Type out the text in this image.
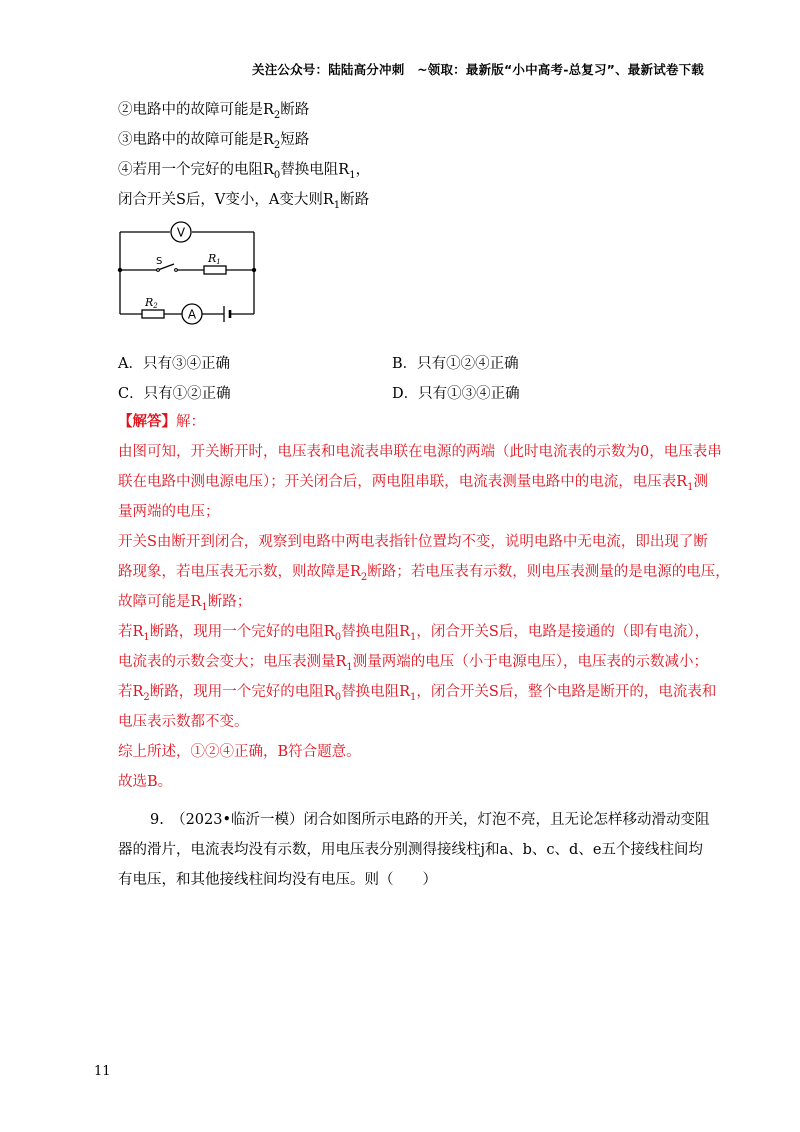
关注公众号：陆陆高分冲刺　~领取：最新版“小中高考-总复习”、最新试卷下载
②电路中的故障可能是$R_2$断路
③电路中的故障可能是$R_2$短路
④若用一个完好的电阻$R_0$替换电阻$R_1$，
闭合开关S后，V变小，A变大则$R_1$断路
V
S	R1
R2
A
A．只有③④正确	B．只有①②④正确
C．只有①②正确	D．只有①③④正确
【解答】解：
由图可知，开关断开时，电压表和电流表串联在电源的两端（此时电流表的示数为0，电压表串
联在电路中测电源电压）；开关闭合后，两电阻串联，电流表测量电路中的电流，电压表$R_1$测
量两端的电压；
开关S由断开到闭合，观察到电路中两电表指针位置均不变，说明电路中无电流，即出现了断
路现象，若电压表无示数，则故障是$R_2$断路；若电压表有示数，则电压表测量的是电源的电压，
故障可能是$R_1$断路；
若$R_1$断路，现用一个完好的电阻$R_0$替换电阻$R_1$，闭合开关S后，电路是接通的（即有电流），
电流表的示数会变大；电压表测量$R_1$测量两端的电压（小于电源电压），电压表的示数减小；
若$R_2$断路，现用一个完好的电阻$R_0$替换电阻$R_1$，闭合开关S后，整个电路是断开的，电流表和
电压表示数都不变。
综上所述，①②④正确，B符合题意。
故选B。
9.　（2023•临沂一模）闭合如图所示电路的开关，灯泡不亮，且无论怎样移动滑动变阻
器的滑片，电流表均没有示数，用电压表分别测得接线柱j和a、b、c、d、e五个接线柱间均
有电压，和其他接线柱间均没有电压。则（　　）
11
